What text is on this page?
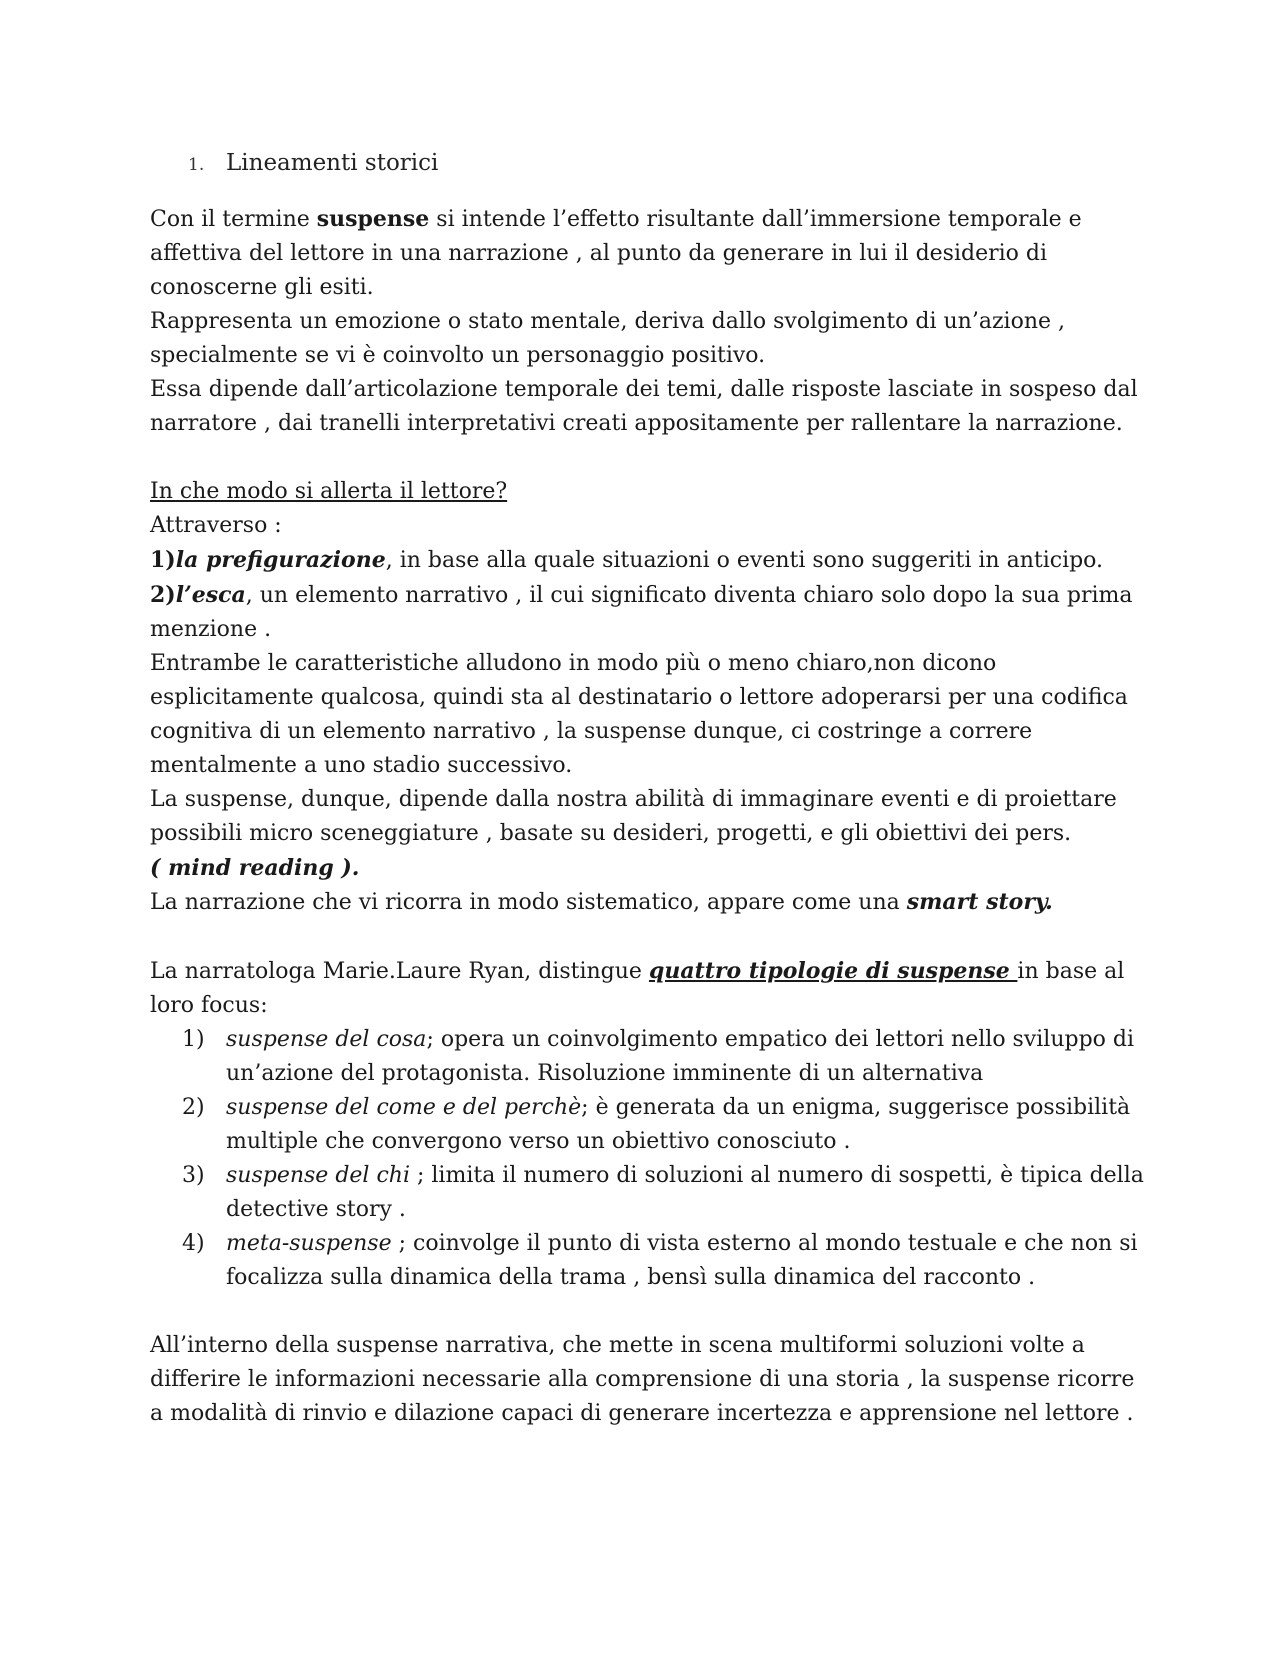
1. Lineamenti storici

Con il termine suspense si intende l’effetto risultante dall’immersione temporale e affettiva del lettore in una narrazione , al punto da generare in lui il desiderio di conoscerne gli esiti.

Rappresenta un emozione o stato mentale, deriva dallo svolgimento di un’azione , specialmente se vi è coinvolto un personaggio positivo.

Essa dipende dall’articolazione temporale dei temi, dalle risposte lasciate in sospeso dal narratore , dai tranelli interpretativi creati appositamente per rallentare la narrazione.

In che modo si allerta il lettore?

Attraverso :

1)la prefigurazione, in base alla quale situazioni o eventi sono suggeriti in anticipo.

2)l’esca, un elemento narrativo , il cui significato diventa chiaro solo dopo la sua prima menzione .

Entrambe le caratteristiche alludono in modo più o meno chiaro,non dicono esplicitamente qualcosa, quindi sta al destinatario o lettore adoperarsi per una codifica cognitiva di un elemento narrativo , la suspense dunque, ci costringe a correre mentalmente a uno stadio successivo.

La suspense, dunque, dipende dalla nostra abilità di immaginare eventi e di proiettare possibili micro sceneggiature , basate su desideri, progetti, e gli obiettivi dei pers.

( mind reading ).

La narrazione che vi ricorra in modo sistematico, appare come una smart story.

La narratologa Marie.Laure Ryan, distingue quattro tipologie di suspense in base al loro focus:

1) suspense del cosa; opera un coinvolgimento empatico dei lettori nello sviluppo di un’azione del protagonista. Risoluzione imminente di un alternativa
2) suspense del come e del perchè; è generata da un enigma, suggerisce possibilità multiple che convergono verso un obiettivo conosciuto .
3) suspense del chi ; limita il numero di soluzioni al numero di sospetti, è tipica della detective story .
4) meta-suspense ; coinvolge il punto di vista esterno al mondo testuale e che non si focalizza sulla dinamica della trama , bensì sulla dinamica del racconto .

All’interno della suspense narrativa, che mette in scena multiformi soluzioni volte a differire le informazioni necessarie alla comprensione di una storia , la suspense ricorre a modalità di rinvio e dilazione capaci di generare incertezza e apprensione nel lettore .
